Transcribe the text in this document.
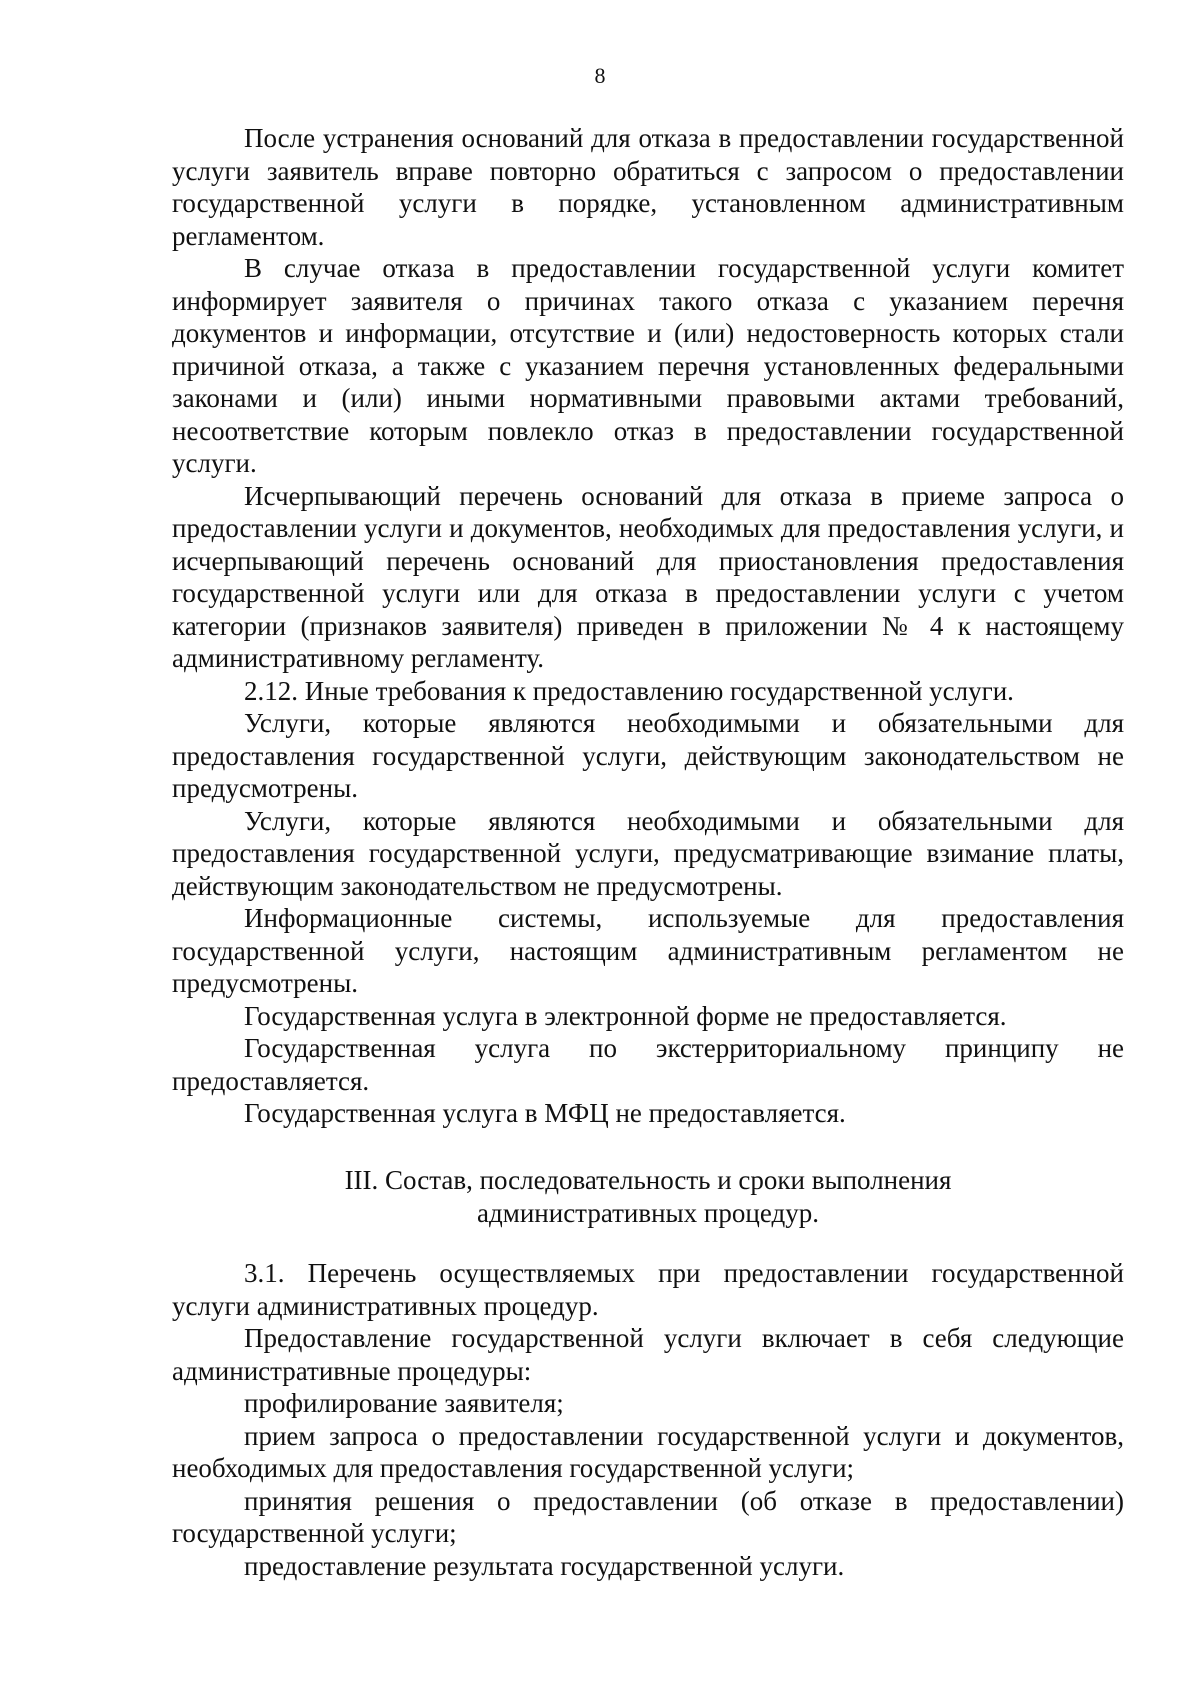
8

После устранения оснований для отказа в предоставлении государственной услуги заявитель вправе повторно обратиться с запросом о предоставлении государственной услуги в порядке, установленном административным регламентом.

В случае отказа в предоставлении государственной услуги комитет информирует заявителя о причинах такого отказа с указанием перечня документов и информации, отсутствие и (или) недостоверность которых стали причиной отказа, а также с указанием перечня установленных федеральными законами и (или) иными нормативными правовыми актами требований, несоответствие которым повлекло отказ в предоставлении государственной услуги.

Исчерпывающий перечень оснований для отказа в приеме запроса о предоставлении услуги и документов, необходимых для предоставления услуги, и исчерпывающий перечень оснований для приостановления предоставления государственной услуги или для отказа в предоставлении услуги с учетом категории (признаков заявителя) приведен в приложении № 4 к настоящему административному регламенту.

2.12. Иные требования к предоставлению государственной услуги.

Услуги, которые являются необходимыми и обязательными для предоставления государственной услуги, действующим законодательством не предусмотрены.

Услуги, которые являются необходимыми и обязательными для предоставления государственной услуги, предусматривающие взимание платы, действующим законодательством не предусмотрены.

Информационные системы, используемые для предоставления государственной услуги, настоящим административным регламентом не предусмотрены.

Государственная услуга в электронной форме не предоставляется.

Государственная услуга по экстерриториальному принципу не предоставляется.

Государственная услуга в МФЦ не предоставляется.

III. Состав, последовательность и сроки выполнения
административных процедур.

3.1. Перечень осуществляемых при предоставлении государственной услуги административных процедур.

Предоставление государственной услуги включает в себя следующие административные процедуры:

профилирование заявителя;

прием запроса о предоставлении государственной услуги и документов, необходимых для предоставления государственной услуги;

принятия решения о предоставлении (об отказе в предоставлении) государственной услуги;

предоставление результата государственной услуги.
